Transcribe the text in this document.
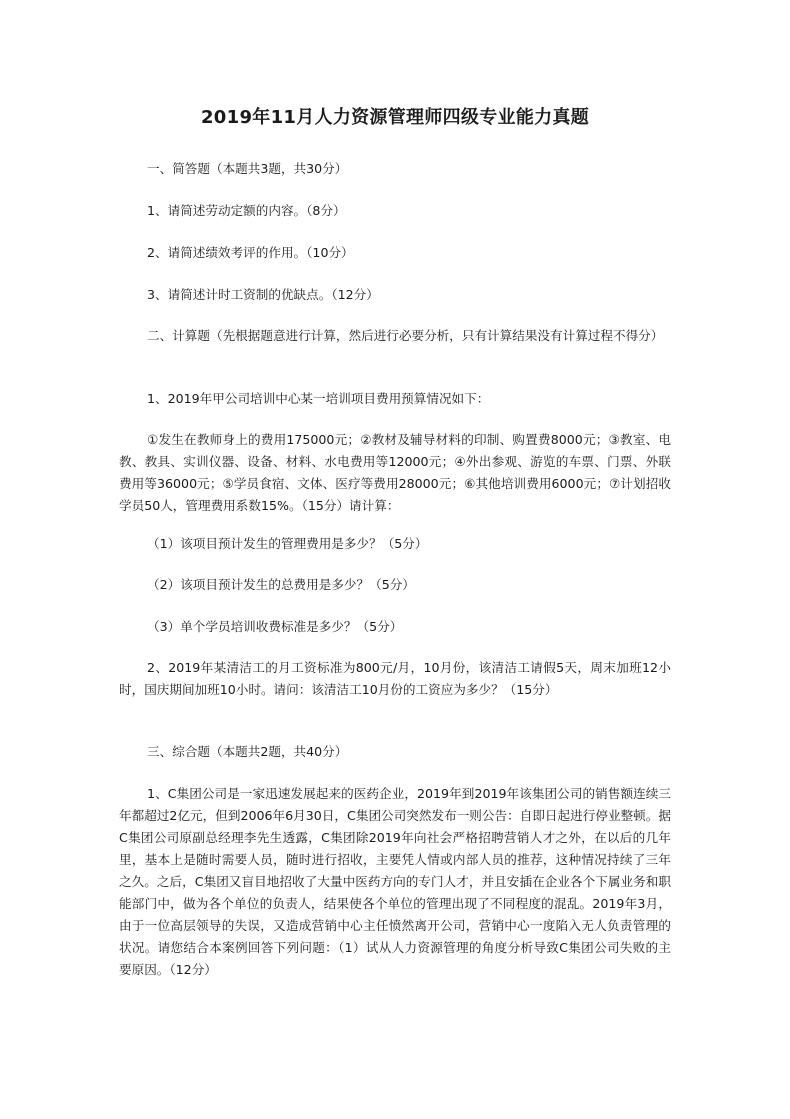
2019年11月人力资源管理师四级专业能力真题
一、简答题（本题共3题，共30分）
1、请简述劳动定额的内容。（8分）
2、请简述绩效考评的作用。（10分）
3、请简述计时工资制的优缺点。（12分）
二、计算题（先根据题意进行计算，然后进行必要分析，只有计算结果没有计算过程不得分）
1、2019年甲公司培训中心某一培训项目费用预算情况如下：
①发生在教师身上的费用175000元；②教材及辅导材料的印制、购置费8000元；③教室、电教、教具、实训仪器、设备、材料、水电费用等12000元；④外出参观、游览的车票、门票、外联费用等36000元；⑤学员食宿、文体、医疗等费用28000元；⑥其他培训费用6000元；⑦计划招收学员50人，管理费用系数15%。（15分）请计算：
（1）该项目预计发生的管理费用是多少？（5分）
（2）该项目预计发生的总费用是多少？（5分）
（3）单个学员培训收费标准是多少？（5分）
2、2019年某清洁工的月工资标准为800元/月，10月份，该清洁工请假5天，周末加班12小时，国庆期间加班10小时。请问：该清洁工10月份的工资应为多少？（15分）
三、综合题（本题共2题，共40分）
1、C集团公司是一家迅速发展起来的医药企业，2019年到2019年该集团公司的销售额连续三年都超过2亿元，但到2006年6月30日，C集团公司突然发布一则公告：自即日起进行停业整顿。据C集团公司原副总经理李先生透露，C集团除2019年向社会严格招聘营销人才之外，在以后的几年里，基本上是随时需要人员，随时进行招收，主要凭人情或内部人员的推荐，这种情况持续了三年之久。之后，C集团又盲目地招收了大量中医药方向的专门人才，并且安插在企业各个下属业务和职能部门中，做为各个单位的负责人，结果使各个单位的管理出现了不同程度的混乱。2019年3月，由于一位高层领导的失误，又造成营销中心主任愤然离开公司，营销中心一度陷入无人负责管理的状况。请您结合本案例回答下列问题：（1）试从人力资源管理的角度分析导致C集团公司失败的主要原因。（12分）
